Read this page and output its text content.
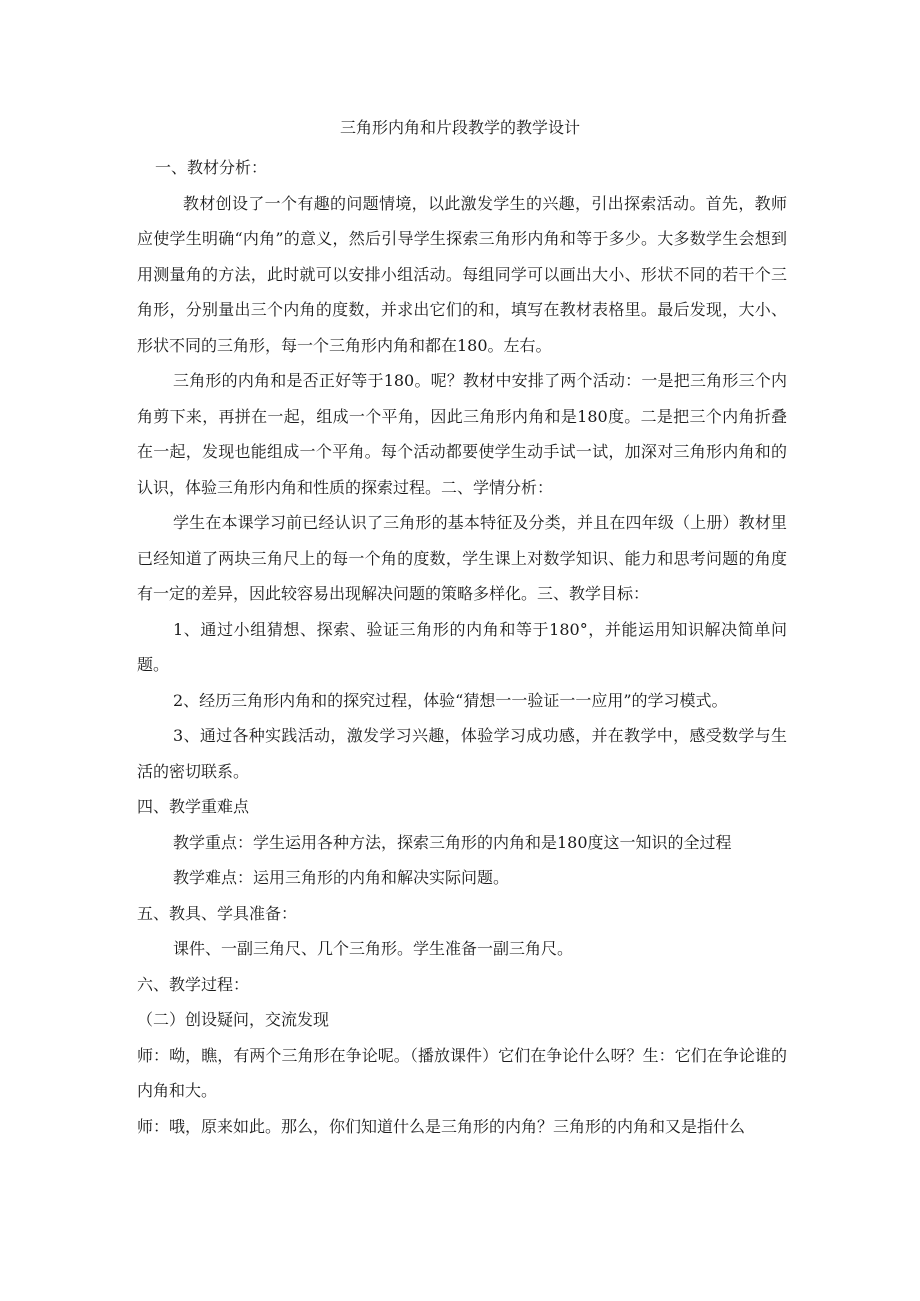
三角形内角和片段教学的教学设计

一、教材分析：

教材创设了一个有趣的问题情境，以此激发学生的兴趣，引出探索活动。首先，教师应使学生明确“内角”的意义，然后引导学生探索三角形内角和等于多少。大多数学生会想到用测量角的方法，此时就可以安排小组活动。每组同学可以画出大小、形状不同的若干个三角形，分别量出三个内角的度数，并求出它们的和，填写在教材表格里。最后发现，大小、形状不同的三角形，每一个三角形内角和都在180。左右。

三角形的内角和是否正好等于180。呢？教材中安排了两个活动：一是把三角形三个内角剪下来，再拼在一起，组成一个平角，因此三角形内角和是180度。二是把三个内角折叠在一起，发现也能组成一个平角。每个活动都要使学生动手试一试，加深对三角形内角和的认识，体验三角形内角和性质的探索过程。二、学情分析：

学生在本课学习前已经认识了三角形的基本特征及分类，并且在四年级（上册）教材里已经知道了两块三角尺上的每一个角的度数，学生课上对数学知识、能力和思考问题的角度有一定的差异，因此较容易出现解决问题的策略多样化。三、教学目标：

1、通过小组猜想、探索、验证三角形的内角和等于180°，并能运用知识解决简单问题。

2、经历三角形内角和的探究过程，体验“猜想一一验证一一应用”的学习模式。

3、通过各种实践活动，激发学习兴趣，体验学习成功感，并在教学中，感受数学与生活的密切联系。

四、教学重难点

教学重点：学生运用各种方法，探索三角形的内角和是180度这一知识的全过程

教学难点：运用三角形的内角和解决实际问题。

五、教具、学具准备：

课件、一副三角尺、几个三角形。学生准备一副三角尺。

六、教学过程：

（二）创设疑问，交流发现

师：呦，瞧，有两个三角形在争论呢。（播放课件）它们在争论什么呀？生：它们在争论谁的内角和大。

师：哦，原来如此。那么，你们知道什么是三角形的内角？三角形的内角和又是指什么
